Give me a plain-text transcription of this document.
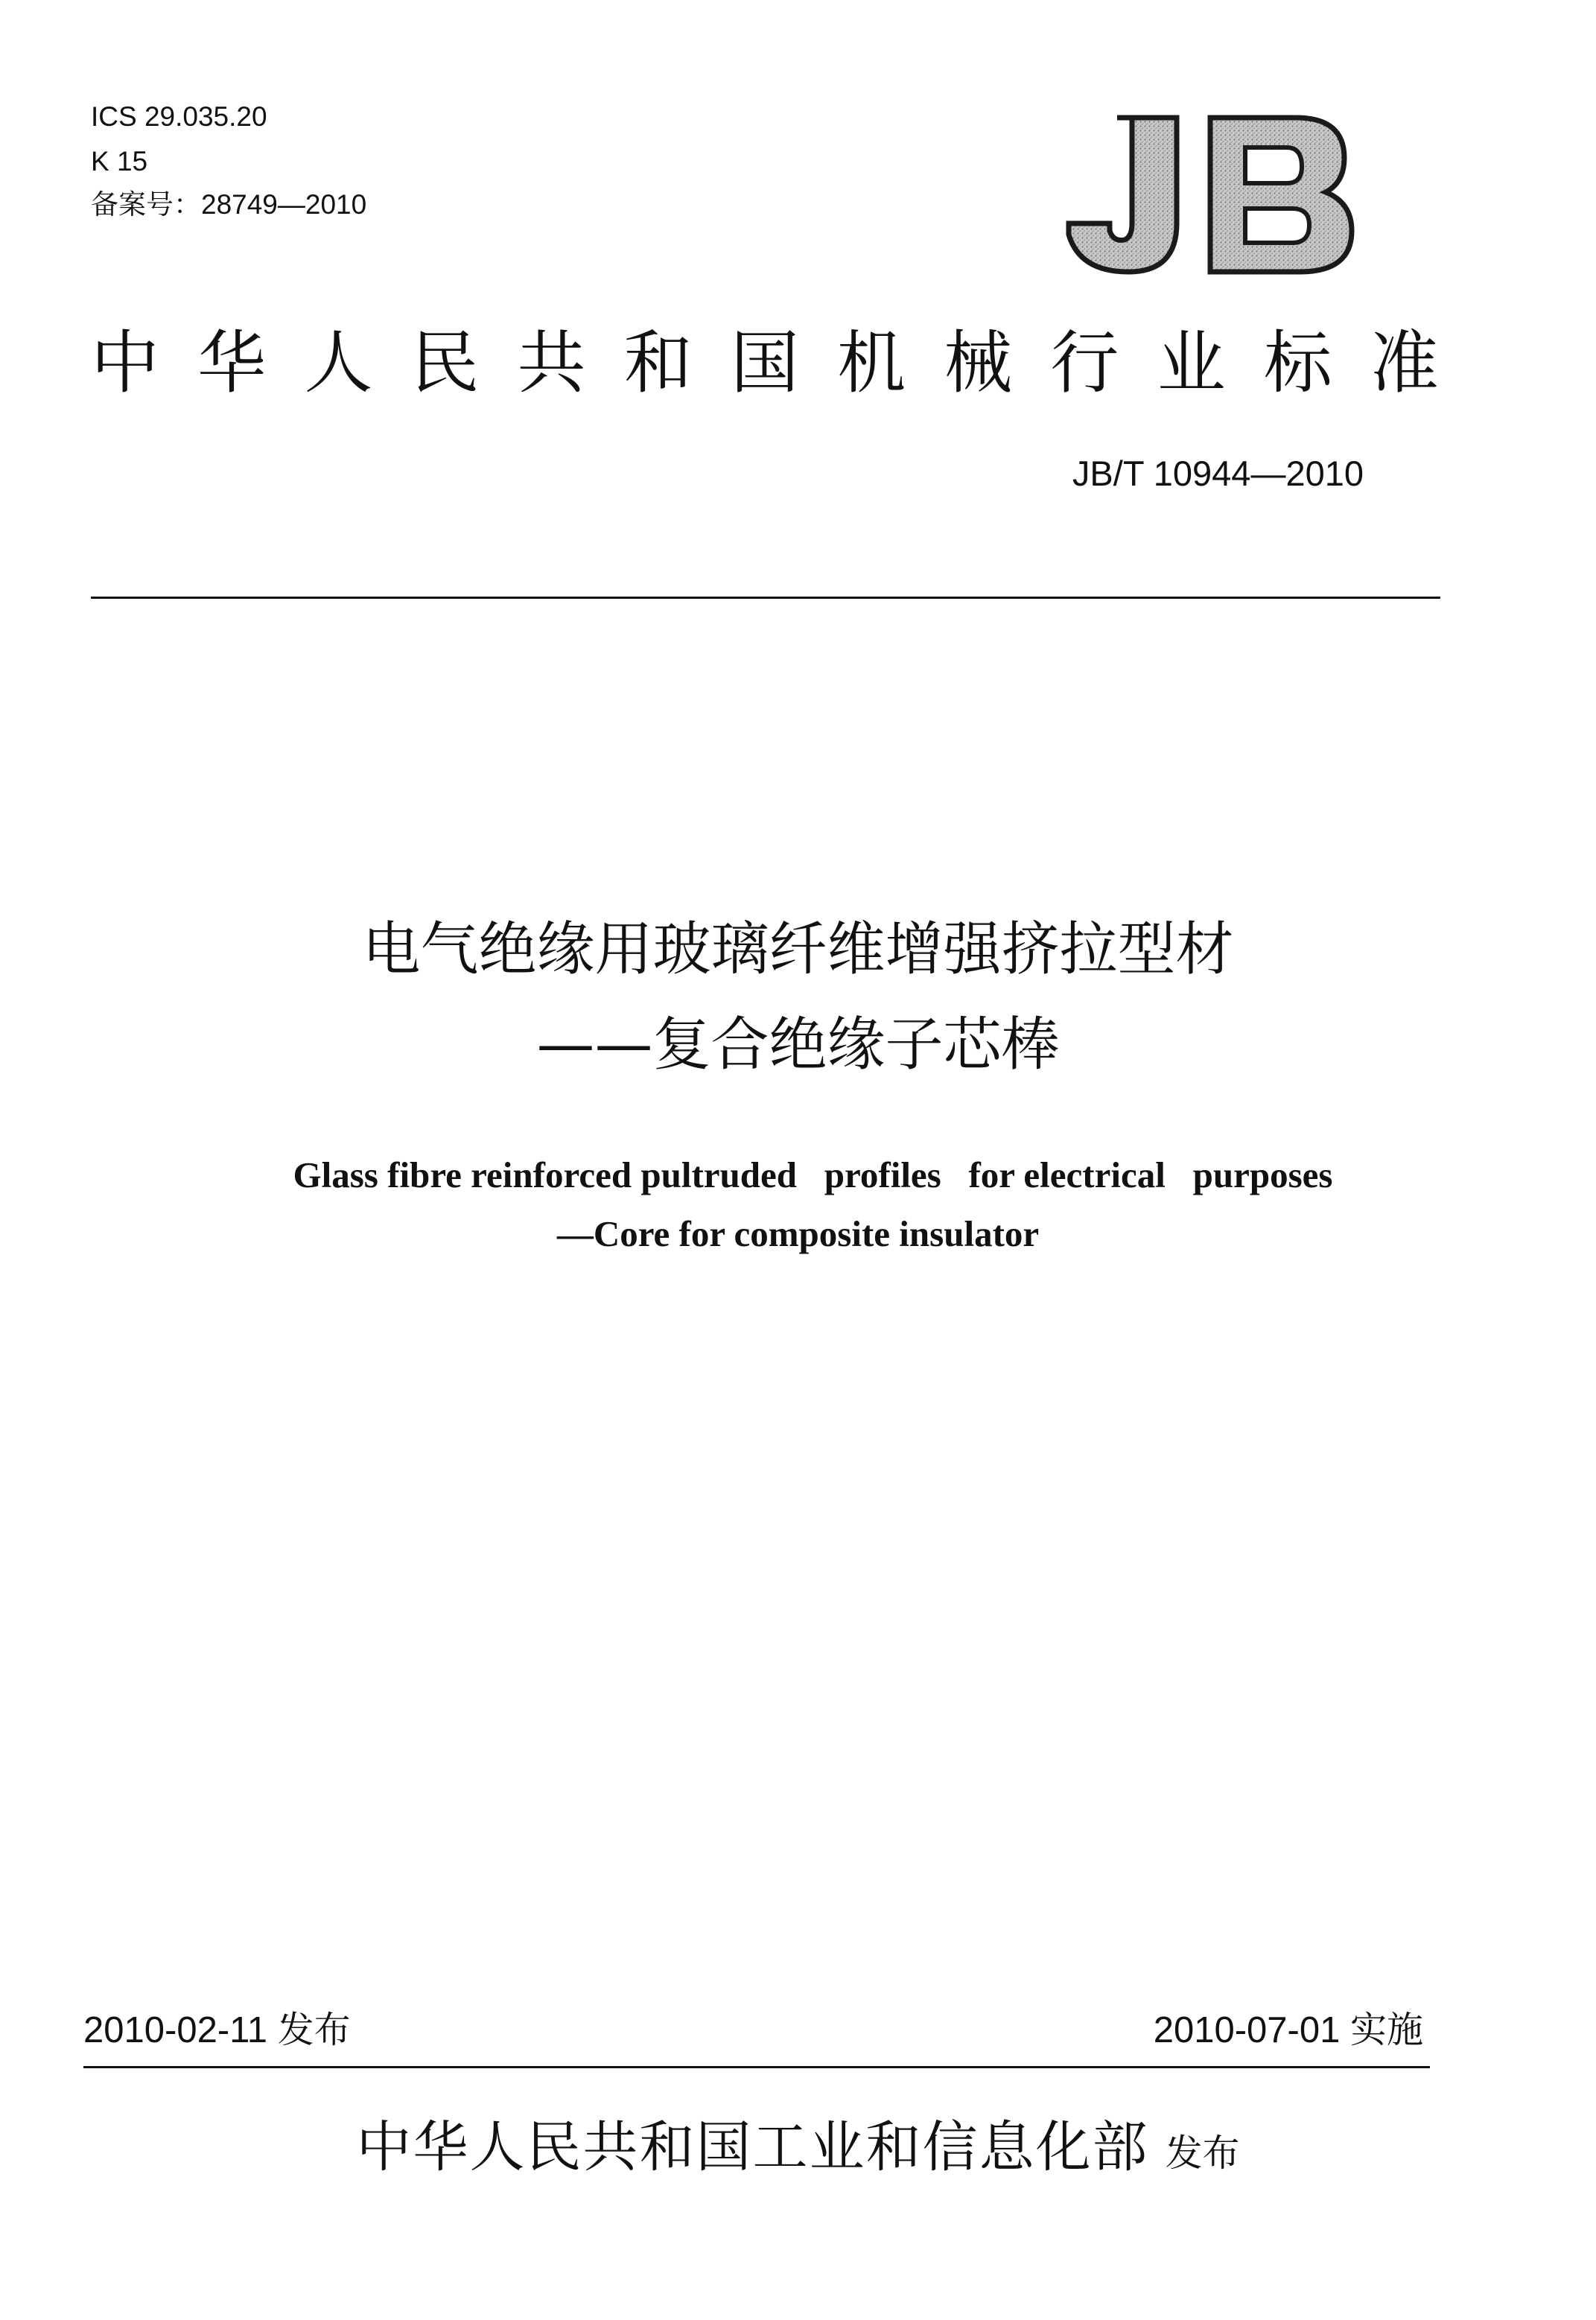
ICS 29.035.20
K 15
备案号：28749—2010
中 华 人 民 共 和 国 机 械 行 业 标 准
JB/T 10944—2010
电气绝缘用玻璃纤维增强挤拉型材
——复合绝缘子芯棒
Glass fibre reinforced pultruded   profiles   for electrical   purposes
—Core for composite insulator
2010-02-11 发布	2010-07-01 实施
中华人民共和国工业和信息化部 发布
